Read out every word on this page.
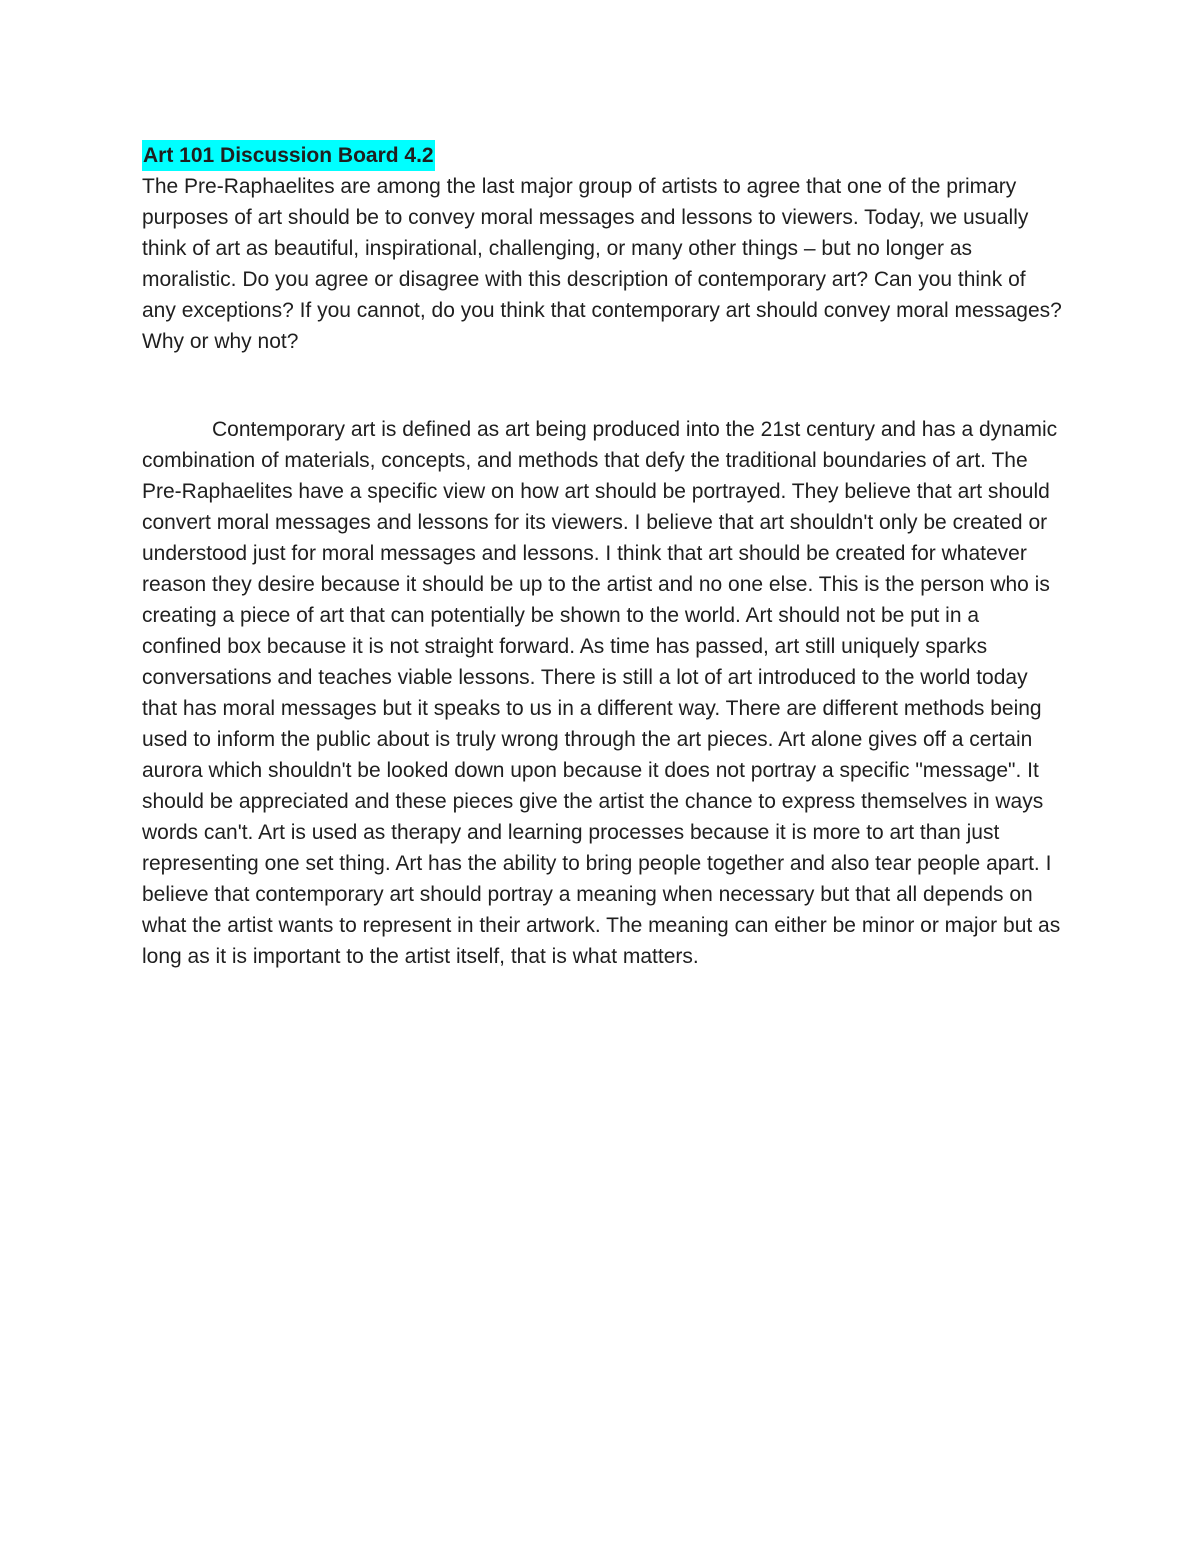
Art 101 Discussion Board 4.2

The Pre-Raphaelites are among the last major group of artists to agree that one of the primary purposes of art should be to convey moral messages and lessons to viewers. Today, we usually think of art as beautiful, inspirational, challenging, or many other things – but no longer as moralistic. Do you agree or disagree with this description of contemporary art? Can you think of any exceptions? If you cannot, do you think that contemporary art should convey moral messages? Why or why not?

Contemporary art is defined as art being produced into the 21st century and has a dynamic combination of materials, concepts, and methods that defy the traditional boundaries of art. The Pre-Raphaelites have a specific view on how art should be portrayed. They believe that art should convert moral messages and lessons for its viewers. I believe that art shouldn't only be created or understood just for moral messages and lessons. I think that art should be created for whatever reason they desire because it should be up to the artist and no one else. This is the person who is creating a piece of art that can potentially be shown to the world. Art should not be put in a confined box because it is not straight forward. As time has passed, art still uniquely sparks conversations and teaches viable lessons. There is still a lot of art introduced to the world today that has moral messages but it speaks to us in a different way. There are different methods being used to inform the public about is truly wrong through the art pieces. Art alone gives off a certain aurora which shouldn't be looked down upon because it does not portray a specific "message". It should be appreciated and these pieces give the artist the chance to express themselves in ways words can't. Art is used as therapy and learning processes because it is more to art than just representing one set thing. Art has the ability to bring people together and also tear people apart. I believe that contemporary art should portray a meaning when necessary but that all depends on what the artist wants to represent in their artwork. The meaning can either be minor or major but as long as it is important to the artist itself, that is what matters.
